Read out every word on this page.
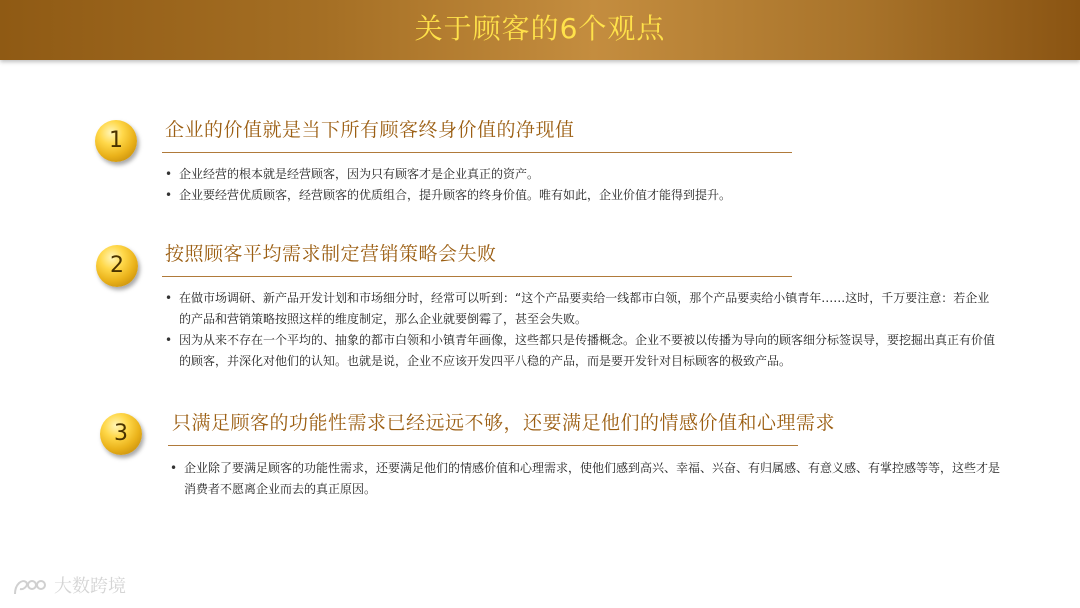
关于顾客的6个观点
1	企业的价值就是当下所有顾客终身价值的净现值
• 企业经营的根本就是经营顾客，因为只有顾客才是企业真正的资产。
• 企业要经营优质顾客，经营顾客的优质组合，提升顾客的终身价值。唯有如此，企业价值才能得到提升。
2	按照顾客平均需求制定营销策略会失败
• 在做市场调研、新产品开发计划和市场细分时，经常可以听到：“这个产品要卖给一线都市白领，那个产品要卖给小镇青年……这时，千万要注意：若企业的产品和营销策略按照这样的维度制定，那么企业就要倒霉了，甚至会失败。
• 因为从来不存在一个平均的、抽象的都市白领和小镇青年画像，这些都只是传播概念。企业不要被以传播为导向的顾客细分标签误导，要挖掘出真正有价值的顾客，并深化对他们的认知。也就是说，企业不应该开发四平八稳的产品，而是要开发针对目标顾客的极致产品。
3	只满足顾客的功能性需求已经远远不够，还要满足他们的情感价值和心理需求
• 企业除了要满足顾客的功能性需求，还要满足他们的情感价值和心理需求，使他们感到高兴、幸福、兴奋、有归属感、有意义感、有掌控感等等，这些才是消费者不愿离企业而去的真正原因。
大数跨境
